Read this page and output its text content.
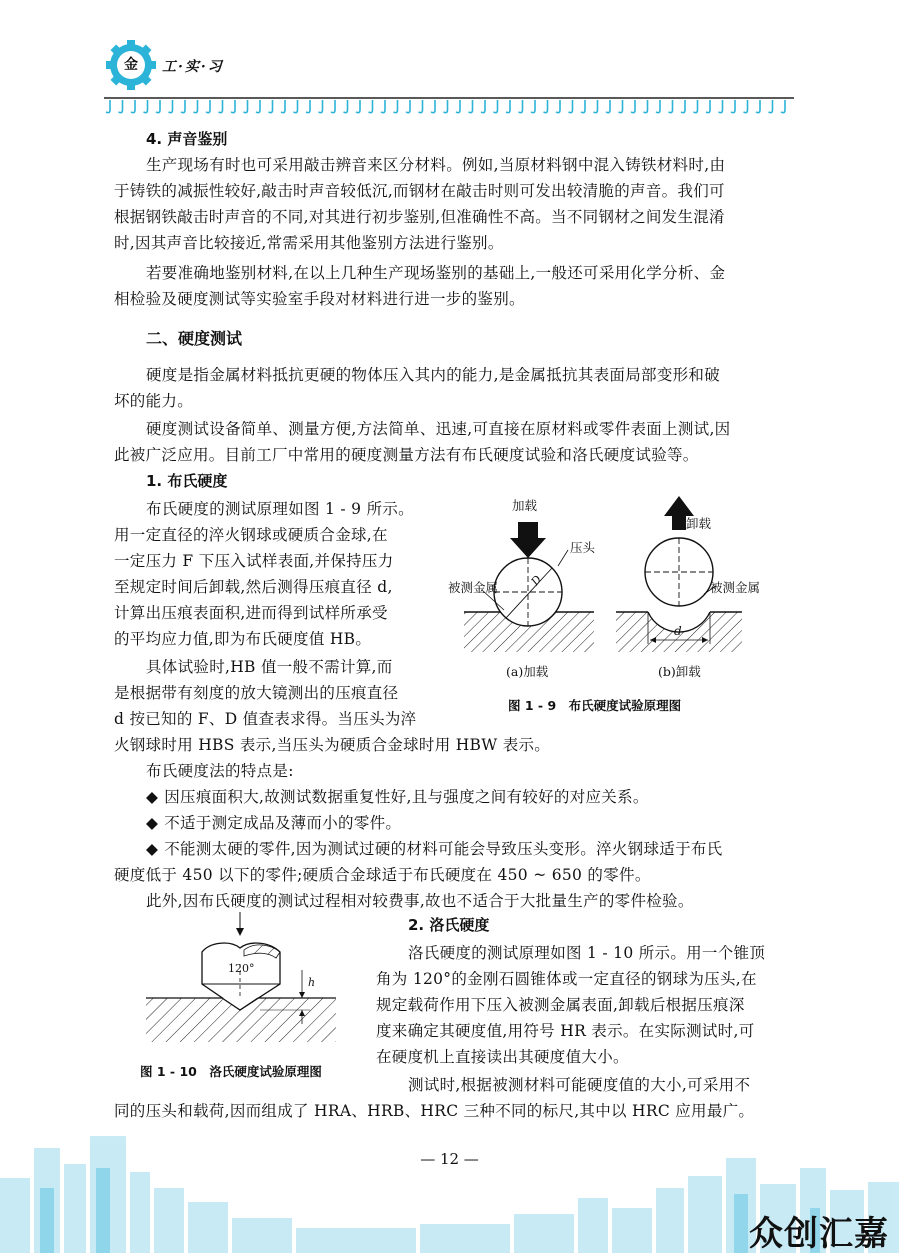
金	工·实·习
4. 声音鉴别

生产现场有时也可采用敲击辨音来区分材料。例如,当原材料钢中混入铸铁材料时,由

于铸铁的减振性较好,敲击时声音较低沉,而钢材在敲击时则可发出较清脆的声音。我们可

根据钢铁敲击时声音的不同,对其进行初步鉴别,但准确性不高。当不同钢材之间发生混淆

时,因其声音比较接近,常需采用其他鉴别方法进行鉴别。

若要准确地鉴别材料,在以上几种生产现场鉴别的基础上,一般还可采用化学分析、金

相检验及硬度测试等实验室手段对材料进行进一步的鉴别。

二、硬度测试

硬度是指金属材料抵抗更硬的物体压入其内的能力,是金属抵抗其表面局部变形和破

坏的能力。

硬度测试设备简单、测量方便,方法简单、迅速,可直接在原材料或零件表面上测试,因

此被广泛应用。目前工厂中常用的硬度测量方法有布氏硬度试验和洛氏硬度试验等。

1. 布氏硬度

布氏硬度的测试原理如图 1 - 9 所示。

用一定直径的淬火钢球或硬质合金球,在

一定压力 F 下压入试样表面,并保持压力

至规定时间后卸载,然后测得压痕直径 d,

计算出压痕表面积,进而得到试样所承受

的平均应力值,即为布氏硬度值 HB。

具体试验时,HB 值一般不需计算,而

是根据带有刻度的放大镜测出的压痕直径

d 按已知的 F、D 值查表求得。当压头为淬

火钢球时用 HBS 表示,当压头为硬质合金球时用 HBW 表示。

加载
压头
被测金属
卸载
被测金属
D
d
(a)加载	(b)卸载
图 1 - 9　布氏硬度试验原理图

布氏硬度法的特点是:

◆ 因压痕面积大,故测试数据重复性好,且与强度之间有较好的对应关系。

◆ 不适于测定成品及薄而小的零件。

◆ 不能测太硬的零件,因为测试过硬的材料可能会导致压头变形。淬火钢球适于布氏

硬度低于 450 以下的零件;硬质合金球适于布氏硬度在 450 ~ 650 的零件。

此外,因布氏硬度的测试过程相对较费事,故也不适合于大批量生产的零件检验。

120°
h
图 1 - 10　洛氏硬度试验原理图
2. 洛氏硬度

洛氏硬度的测试原理如图 1 - 10 所示。用一个锥顶

角为 120°的金刚石圆锥体或一定直径的钢球为压头,在

规定载荷作用下压入被测金属表面,卸载后根据压痕深

度来确定其硬度值,用符号 HR 表示。在实际测试时,可

在硬度机上直接读出其硬度值大小。

测试时,根据被测材料可能硬度值的大小,可采用不

同的压头和载荷,因而组成了 HRA、HRB、HRC 三种不同的标尺,其中以 HRC 应用最广。

— 12 —
众创汇嘉
